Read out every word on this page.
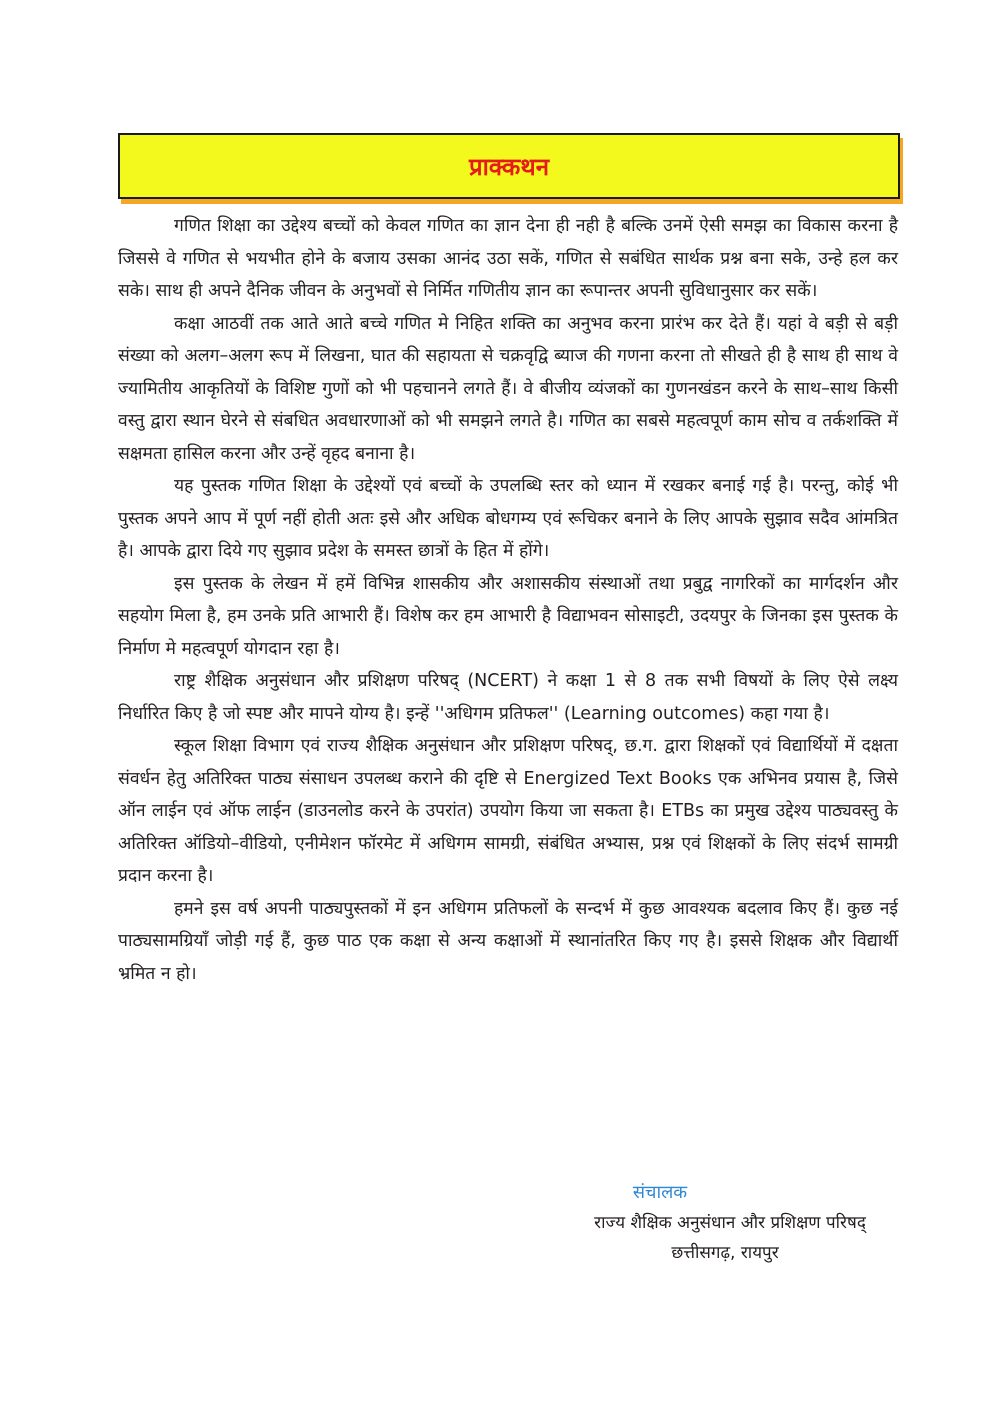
प्राक्कथन

गणित शिक्षा का उद्देश्य बच्चों को केवल गणित का ज्ञान देना ही नही है बल्कि उनमें ऐसी समझ का विकास करना है जिससे वे गणित से भयभीत होने के बजाय उसका आनंद उठा सकें, गणित से सबंधित सार्थक प्रश्न बना सके, उन्हे हल कर सके। साथ ही अपने दैनिक जीवन के अनुभवों से निर्मित गणितीय ज्ञान का रूपान्तर अपनी सुविधानुसार कर सकें।

कक्षा आठवीं तक आते आते बच्चे गणित मे निहित शक्ति का अनुभव करना प्रारंभ कर देते हैं। यहां वे बड़ी से बड़ी संख्या को अलग–अलग रूप में लिखना, घात की सहायता से चक्रवृद्वि ब्याज की गणना करना तो सीखते ही है साथ ही साथ वे ज्यामितीय आकृतियों के विशिष्ट गुणों को भी पहचानने लगते हैं। वे बीजीय व्यंजकों का गुणनखंडन करने के साथ–साथ किसी वस्तु द्वारा स्थान घेरने से संबधित अवधारणाओं को भी समझने लगते है। गणित का सबसे महत्वपूर्ण काम सोच व तर्कशक्ति में सक्षमता हासिल करना और उन्हें वृहद बनाना है।

यह पुस्तक गणित शिक्षा के उद्देश्यों एवं बच्चों के उपलब्धि स्तर को ध्यान में रखकर बनाई गई है। परन्तु, कोई भी पुस्तक अपने आप में पूर्ण नहीं होती अतः इसे और अधिक बोधगम्य एवं रूचिकर बनाने के लिए आपके सुझाव सदैव आंमत्रित है। आपके द्वारा दिये गए सुझाव प्रदेश के समस्त छात्रों के हित में होंगे।

इस पुस्तक के लेखन में हमें विभिन्न शासकीय और अशासकीय संस्थाओं तथा प्रबुद्व नागरिकों का मार्गदर्शन और सहयोग मिला है, हम उनके प्रति आभारी हैं। विशेष कर हम आभारी है विद्याभवन सोसाइटी, उदयपुर के जिनका इस पुस्तक के निर्माण मे महत्वपूर्ण योगदान रहा है।

राष्ट्र शैक्षिक अनुसंधान और प्रशिक्षण परिषद् (NCERT) ने कक्षा 1 से 8 तक सभी विषयों के लिए ऐसे लक्ष्य निर्धारित किए है जो स्पष्ट और मापने योग्य है। इन्हें ''अधिगम प्रतिफल'' (Learning outcomes) कहा गया है।

स्कूल शिक्षा विभाग एवं राज्य शैक्षिक अनुसंधान और प्रशिक्षण परिषद्, छ.ग. द्वारा शिक्षकों एवं विद्यार्थियों में दक्षता संवर्धन हेतु अतिरिक्त पाठ्य संसाधन उपलब्ध कराने की दृष्टि से Energized Text Books एक अभिनव प्रयास है, जिसे ऑन लाईन एवं ऑफ लाईन (डाउनलोड करने के उपरांत) उपयोग किया जा सकता है। ETBs का प्रमुख उद्देश्य पाठ्यवस्तु के अतिरिक्त ऑडियो–वीडियो, एनीमेशन फॉरमेट में अधिगम सामग्री, संबंधित अभ्यास, प्रश्न एवं शिक्षकों के लिए संदर्भ सामग्री प्रदान करना है।

हमने इस वर्ष अपनी पाठ्यपुस्तकों में इन अधिगम प्रतिफलों के सन्दर्भ में कुछ आवश्यक बदलाव किए हैं। कुछ नई पाठ्यसामग्रियाँ जोड़ी गई हैं, कुछ पाठ एक कक्षा से अन्य कक्षाओं में स्थानांतरित किए गए है। इससे शिक्षक और विद्यार्थी भ्रमित न हो।

संचालक
राज्य शैक्षिक अनुसंधान और प्रशिक्षण परिषद्
छत्तीसगढ़, रायपुर
